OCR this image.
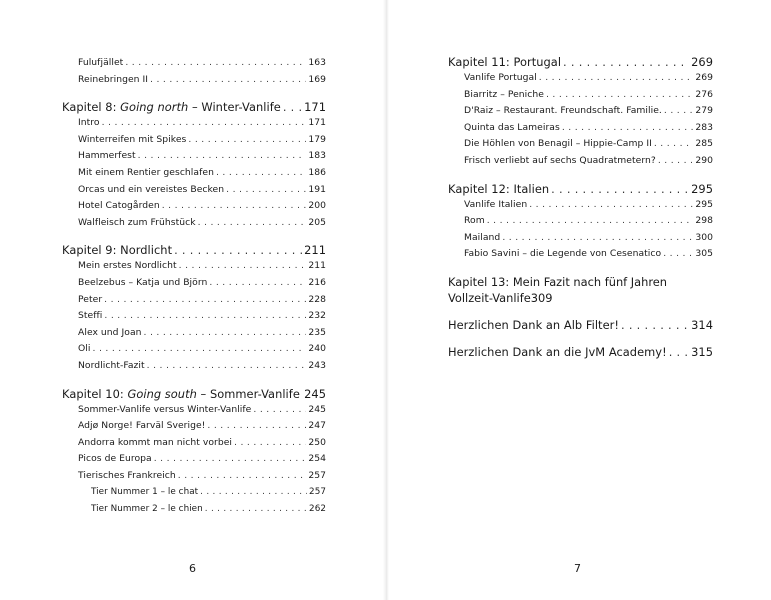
Fulufjället . . .	163
Reinebringen II . . .	169
Kapitel 8: Going north – Winter-Vanlife . . . 171
Intro . . .	171
Winterreifen mit Spikes . . .	179
Hammerfest . . .	183
Mit einem Rentier geschlafen . . .	186
Orcas und ein vereistes Becken . . .	191
Hotel Catogården . . .	200
Walfleisch zum Frühstück . . .	205
Kapitel 9: Nordlicht . . .	211
Mein erstes Nordlicht . . .	211
Beelzebus – Katja und Björn . . .	216
Peter . . .	228
Steffi . . .	232
Alex und Joan . . .	235
Oli . . .	240
Nordlicht-Fazit . . .	243
Kapitel 10: Going south – Sommer-Vanlife . . . 245
Sommer-Vanlife versus Winter-Vanlife . . .	245
Adjø Norge! Farväl Sverige! . . .	247
Andorra kommt man nicht vorbei . . .	250
Picos de Europa . . .	254
Tierisches Frankreich . . .	257
Tier Nummer 1 – le chat . . .	257
Tier Nummer 2 – le chien . . .	262
6
Kapitel 11: Portugal . . .	269
Vanlife Portugal . . .	269
Biarritz – Peniche . . .	276
D'Raiz – Restaurant. Freundschaft. Familie. . . .	279
Quinta das Lameiras . . .	283
Die Höhlen von Benagil – Hippie-Camp II . . .	285
Frisch verliebt auf sechs Quadratmetern? . . .	290
Kapitel 12: Italien . . .	295
Vanlife Italien . . .	295
Rom . . .	298
Mailand . . .	300
Fabio Savini – die Legende von Cesenatico . . .	305
Kapitel 13: Mein Fazit nach fünf Jahren
Vollzeit-Vanlife 309
Herzlichen Dank an Alb Filter! . . .	314
Herzlichen Dank an die JvM Academy! . . . 315
7
